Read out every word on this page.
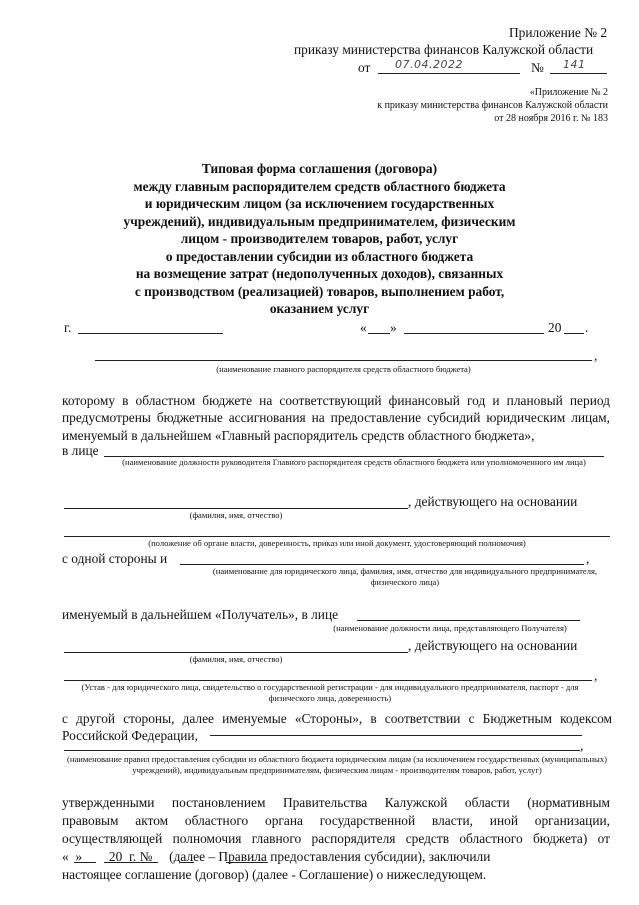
Приложение № 2
приказу министерства финансов Калужской области
от 07.04.2022	№ 141
«Приложение № 2
к приказу министерства финансов Калужской области
от 28 ноября 2016 г. № 183
Типовая форма соглашения (договора)
между главным распорядителем средств областного бюджета
и юридическим лицом (за исключением государственных
учреждений), индивидуальным предпринимателем, физическим
лицом - производителем товаров, работ, услуг
о предоставлении субсидии из областного бюджета
на возмещение затрат (недополученных доходов), связанных
с производством (реализацией) товаров, выполнением работ,
оказанием услуг
г.	« »	20 .
,
(наименование главного распорядителя средств областного бюджета)
которому в областном бюджете на соответствующий финансовый год и плановый период предусмотрены бюджетные ассигнования на предоставление субсидий юридическим лицам, именуемый в дальнейшем «Главный распорядитель средств областного бюджета»,
в лице
(наименование должности руководителя Главного распорядителя средств областного бюджета или уполномоченного им лица)
, действующего на основании
(фамилия, имя, отчество)
(положение об органе власти, доверенность, приказ или иной документ, удостоверяющий полномочия)
с одной стороны и	,
(наименование для юридического лица, фамилия, имя, отчество для индивидуального предпринимателя, физического лица)
именуемый в дальнейшем «Получатель», в лице
(наименование должности лица, представляющего Получателя)
, действующего на основании
(фамилия, имя, отчество)
,
(Устав - для юридического лица, свидетельство о государственной регистрации - для индивидуального предпринимателя, паспорт - для физического лица, доверенность)
с другой стороны, далее именуемые «Стороны», в соответствии с Бюджетным кодексом Российской Федерации,
,
(наименование правил предоставления субсидии из областного бюджета юридическим лицам (за исключением государственных (муниципальных) учреждений), индивидуальным предпринимателям, физическим лицам - производителям товаров, работ, услуг)
утвержденными постановлением Правительства Калужской области (нормативным
правовым актом областного органа государственной власти, иной организации,
осуществляющей полномочия главного распорядителя средств областного бюджета) от
«  »        20  г. №     (далее – Правила предоставления субсидии), заключили
настоящее соглашение (договор) (далее - Соглашение) о нижеследующем.
